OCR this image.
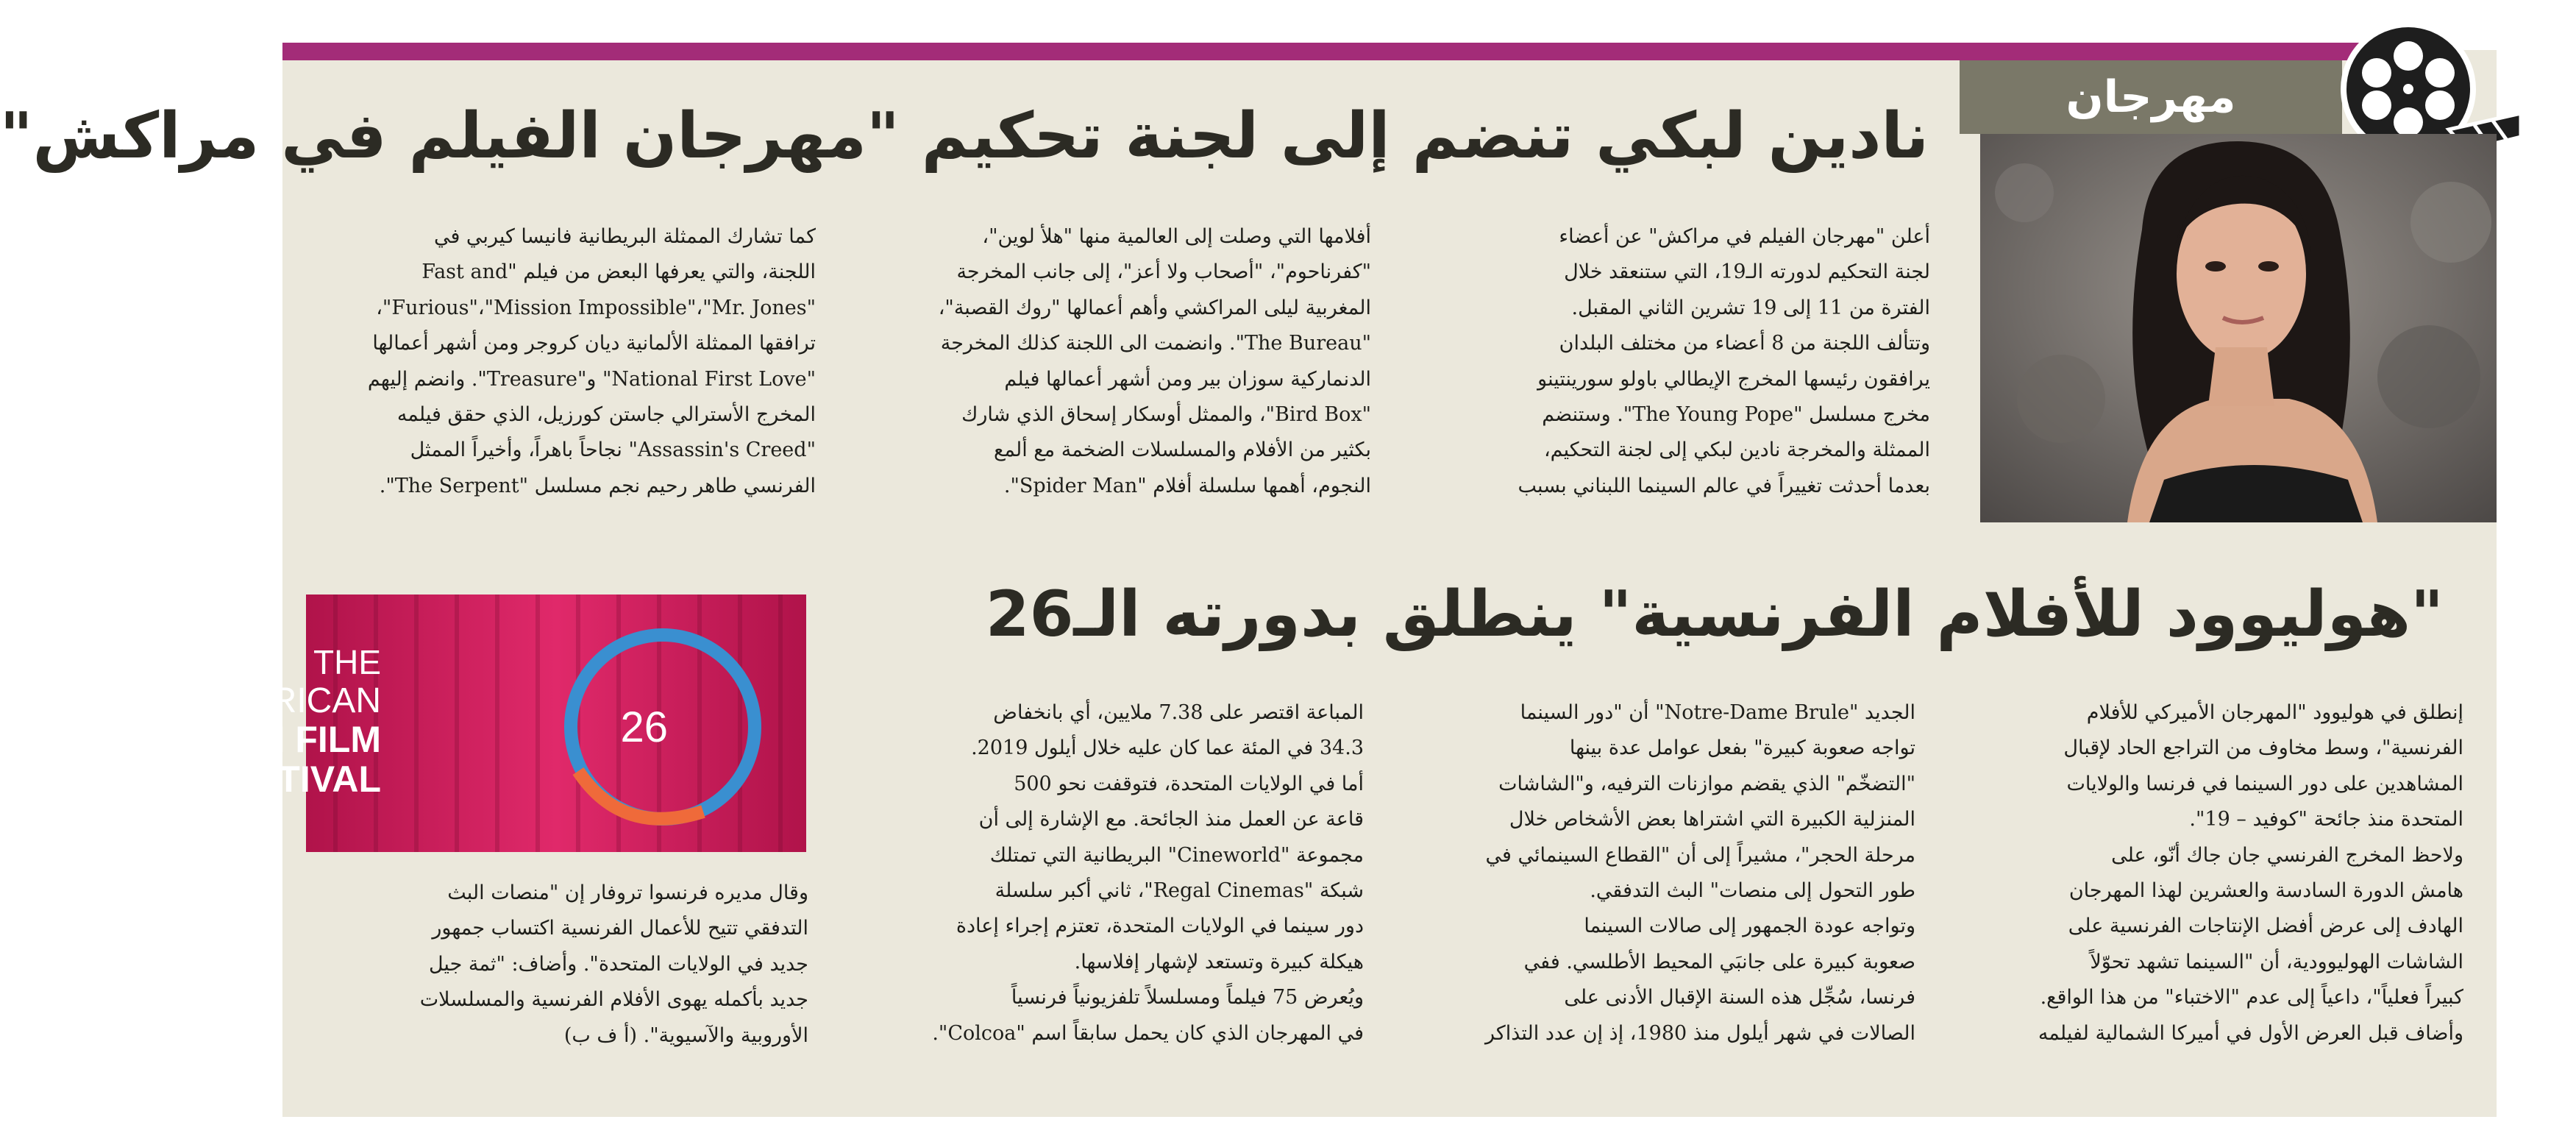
مهرجان
نادين لبكي تنضم إلى لجنة تحكيم "مهرجان الفيلم في مراكش"

أعلن "مهرجان الفيلم في مراكش" عن أعضاء
لجنة التحكيم لدورته الـ19، التي ستنعقد خلال
الفترة من 11 إلى 19 تشرين الثاني المقبل.
وتتألف اللجنة من 8 أعضاء من مختلف البلدان
يرافقون رئيسها المخرج الإيطالي باولو سورينتينو
مخرج مسلسل "The Young Pope". وستنضم
الممثلة والمخرجة نادين لبكي إلى لجنة التحكيم،
بعدما أحدثت تغييراً في عالم السينما اللبناني بسبب

أفلامها التي وصلت إلى العالمية منها "هلأ لوين"،
"كفرناحوم"، "أصحاب ولا أعز"، إلى جانب المخرجة
المغربية ليلى المراكشي وأهم أعمالها "روك القصبة"،
"The Bureau". وانضمت الى اللجنة كذلك المخرجة
الدنماركية سوزان بير ومن أشهر أعمالها فيلم
"Bird Box"، والممثل أوسكار إسحاق الذي شارك
بكثير من الأفلام والمسلسلات الضخمة مع ألمع
النجوم، أهمها سلسلة أفلام "Spider Man".

كما تشارك الممثلة البريطانية فانيسا كيربي في
اللجنة، والتي يعرفها البعض من فيلم "Fast and
"Furious"،"Mission Impossible"،"Mr. Jones"،
ترافقها الممثلة الألمانية ديان كروجر ومن أشهر أعمالها
"National First Love" و"Treasure". وانضم إليهم
المخرج الأسترالي جاستن كورزيل، الذي حقق فيلمه
"Assassin's Creed" نجاحاً باهراً، وأخيراً الممثل
الفرنسي طاهر رحيم نجم مسلسل "The Serpent".

"هوليوود للأفلام الفرنسية" ينطلق بدورته الـ26

إنطلق في هوليوود "المهرجان الأميركي للأفلام
الفرنسية"، وسط مخاوف من التراجع الحاد لإقبال
المشاهدين على دور السينما في فرنسا والولايات
المتحدة منذ جائحة "كوفيد – 19".
ولاحظ المخرج الفرنسي جان جاك أنّو، على
هامش الدورة السادسة والعشرين لهذا المهرجان
الهادف إلى عرض أفضل الإنتاجات الفرنسية على
الشاشات الهوليوودية، أن "السينما تشهد تحوّلاً
كبيراً فعلياً"، داعياً إلى عدم "الاختباء" من هذا الواقع.
وأضاف قبل العرض الأول في أميركا الشمالية لفيلمه

الجديد "Notre-Dame Brule" أن "دور السينما
تواجه صعوبة كبيرة" بفعل عوامل عدة بينها
"التضخّم" الذي يقضم موازنات الترفيه، و"الشاشات
المنزلية الكبيرة التي اشتراها بعض الأشخاص خلال
مرحلة الحجر"، مشيراً إلى أن "القطاع السينمائي في
طور التحول إلى منصات" البث التدفقي.
وتواجه عودة الجمهور إلى صالات السينما
صعوبة كبيرة على جانبَي المحيط الأطلسي. ففي
فرنسا، سُجِّل هذه السنة الإقبال الأدنى على
الصالات في شهر أيلول منذ 1980، إذ إن عدد التذاكر

المباعة اقتصر على 7.38 ملايين، أي بانخفاض
34.3 في المئة عما كان عليه خلال أيلول 2019.
أما في الولايات المتحدة، فتوقفت نحو 500
قاعة عن العمل منذ الجائحة. مع الإشارة إلى أن
مجموعة "Cineworld" البريطانية التي تمتلك
شبكة "Regal Cinemas"، ثاني أكبر سلسلة
دور سينما في الولايات المتحدة، تعتزم إجراء إعادة
هيكلة كبيرة وتستعد لإشهار إفلاسها.
ويُعرض 75 فيلماً ومسلسلاً تلفزيونياً فرنسياً
في المهرجان الذي كان يحمل سابقاً اسم "Colcoa".

وقال مديره فرنسوا تروفار إن "منصات البث
التدفقي تتيح للأعمال الفرنسية اكتساب جمهور
جديد في الولايات المتحدة". وأضاف: "ثمة جيل
جديد بأكمله يهوى الأفلام الفرنسية والمسلسلات
الأوروبية والآسيوية". (أ ف ب)

THE
AMERICAN
FRENCH FILM
FESTIVAL
26
